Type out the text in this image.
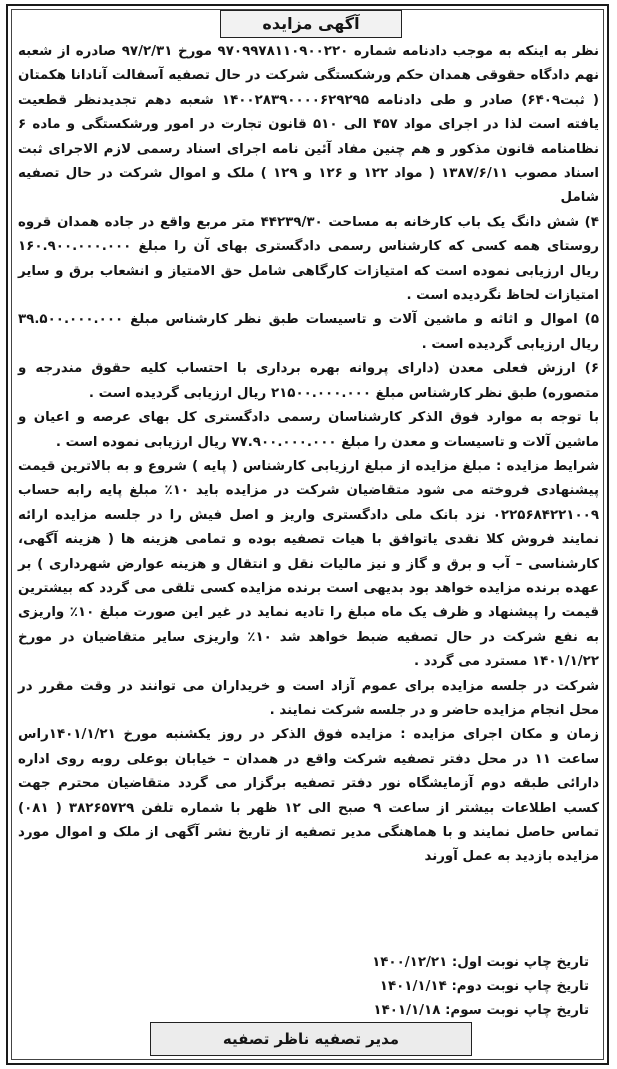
آگهی مزایده

نظر به اینکه به موجب دادنامه شماره ۹۷۰۹۹۷۸۱۱۰۹۰۰۲۲۰ مورخ ۹۷/۲/۳۱ صادره از شعبه نهم دادگاه حقوقی همدان حکم ورشکستگی شرکت در حال تصفیه آسفالت آنادانا هکمتان ( ثبت۶۴۰۹) صادر و طی دادنامه ۱۴۰۰۲۸۳۹۰۰۰۰۶۲۹۲۹۵ شعبه دهم تجدیدنظر قطعیت یافته است لذا در اجرای مواد ۴۵۷ الی ۵۱۰ قانون تجارت در امور ورشکستگی و ماده ۶ نظامنامه قانون مذکور و هم چنین مفاد آئین نامه اجرای اسناد رسمی لازم الاجرای ثبت اسناد مصوب ۱۳۸۷/۶/۱۱ ( مواد ۱۲۲ و ۱۲۶ و ۱۲۹ ) ملک و اموال شرکت در حال تصفیه شامل

۴) شش دانگ یک باب کارخانه به مساحت ۴۴۲۳۹/۳۰ متر مربع واقع در جاده همدان قروه روستای همه کسی که کارشناس رسمی دادگستری بهای آن را مبلغ ۱۶۰.۹۰۰.۰۰۰.۰۰۰ ریال ارزیابی نموده است که امتیازات کارگاهی شامل حق الامتیاز و انشعاب برق و سایر امتیازات لحاظ نگردیده است .

۵) اموال و اثاثه و ماشین آلات و تاسیسات طبق نظر کارشناس مبلغ ۳۹.۵۰۰.۰۰۰.۰۰۰ ریال ارزیابی گردیده است .

۶) ارزش فعلی معدن (دارای پروانه بهره برداری با احتساب کلیه حقوق مندرجه و متصوره) طبق نظر کارشناس مبلغ ۲۱۵۰۰.۰۰۰.۰۰۰ ریال ارزیابی گردیده است .

با توجه به موارد فوق الذکر کارشناسان رسمی دادگستری کل بهای عرصه و اعیان و ماشین آلات و تاسیسات و معدن را مبلغ ۷۷.۹۰۰.۰۰۰.۰۰۰ ریال ارزیابی نموده است .

شرایط مزایده : مبلغ مزایده از مبلغ ارزیابی کارشناس ( پایه ) شروع و به بالاترین قیمت پیشنهادی فروخته می شود متقاضیان شرکت در مزایده باید ۱۰٪ مبلغ پایه رابه حساب ۰۲۲۵۶۸۴۲۲۱۰۰۹ نزد بانک ملی دادگستری واریز و اصل فیش را در جلسه مزایده ارائه نمایند فروش کلا نقدی یاتوافق با هیات تصفیه بوده و تمامی هزینه ها ( هزینه آگهی، کارشناسی – آب و برق و گاز و نیز مالیات نقل و انتقال و هزینه عوارض شهرداری ) بر عهده برنده مزایده خواهد بود بدیهی است برنده مزایده کسی تلقی می گردد که بیشترین قیمت را پیشنهاد و ظرف یک ماه مبلغ را تادیه نماید در غیر این صورت مبلغ ۱۰٪ واریزی به نفع شرکت در حال تصفیه ضبط خواهد شد ۱۰٪ واریزی سایر متقاضیان در مورخ ۱۴۰۱/۱/۲۲ مسترد می گردد .

شرکت در جلسه مزایده برای عموم آزاد است و خریداران می توانند در وقت مقرر در محل انجام مزایده حاضر و در جلسه شرکت نمایند .

زمان و مکان اجرای مزایده : مزایده فوق الذکر در روز یکشنبه مورخ ۱۴۰۱/۱/۲۱راس ساعت ۱۱ در محل دفتر تصفیه شرکت واقع در همدان – خیابان بوعلی روبه روی اداره دارائی طبقه دوم آزمایشگاه نور دفتر تصفیه برگزار می گردد متقاضیان محترم جهت کسب اطلاعات بیشتر از ساعت ۹ صبح الی ۱۲ ظهر با شماره تلفن ۳۸۲۶۵۷۲۹ ( ۰۸۱) تماس حاصل نمایند و با هماهنگی مدیر تصفیه از تاریخ نشر آگهی از ملک و اموال مورد مزایده بازدید به عمل آورند

تاریخ چاپ نوبت اول: ۱۴۰۰/۱۲/۲۱
تاریخ چاپ نوبت دوم: ۱۴۰۱/۱/۱۴
تاریخ چاپ نوبت سوم: ۱۴۰۱/۱/۱۸
مدیر تصفیه ناظر تصفیه
